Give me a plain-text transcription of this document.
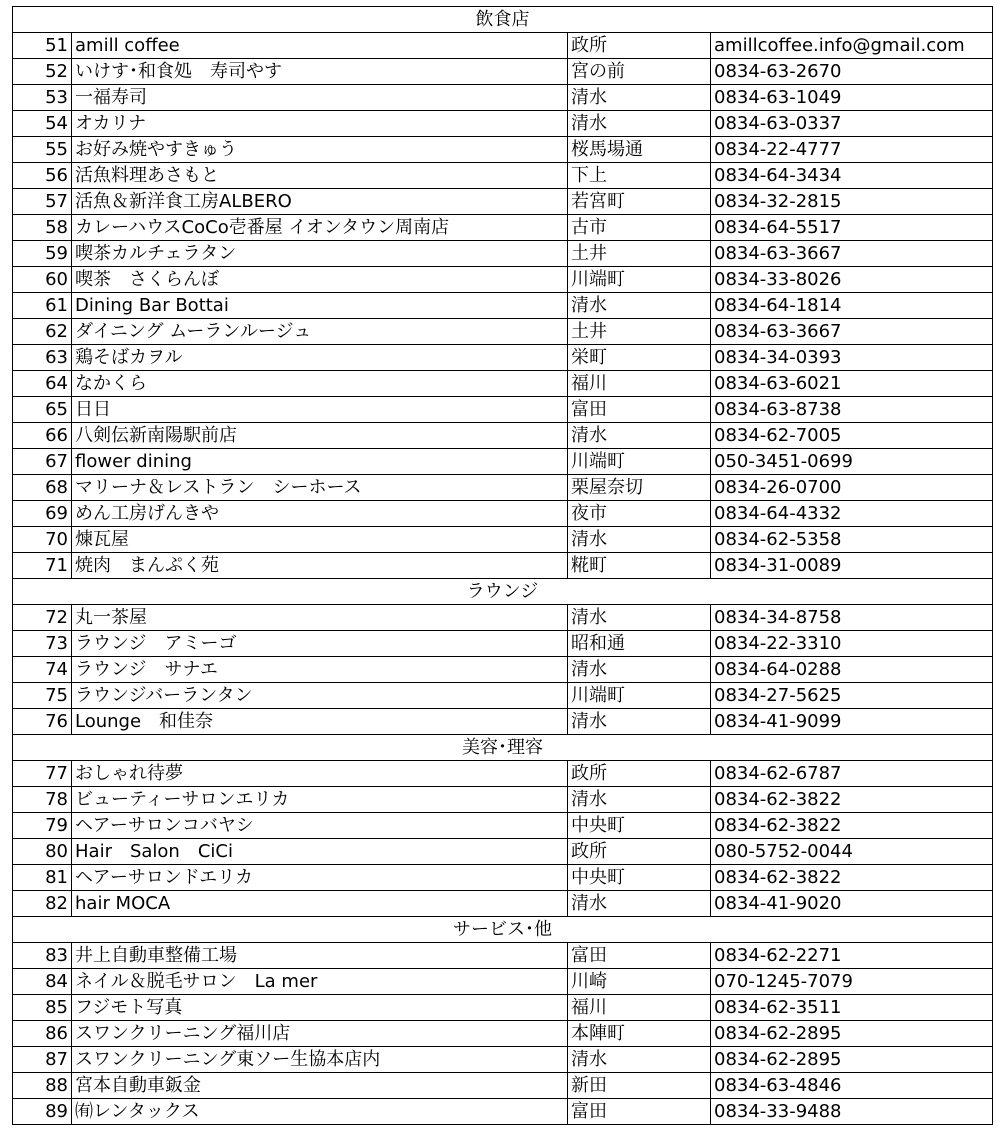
飲食店			
51	amill coffee	政所	amillcoffee.info@gmail.com
52	いけす･和食処　寿司やす	宮の前	0834-63-2670
53	一福寿司	清水	0834-63-1049
54	オカリナ	清水	0834-63-0337
55	お好み焼やすきゅう	桜馬場通	0834-22-4777
56	活魚料理あさもと	下上	0834-64-3434
57	活魚＆新洋食工房ALBERO	若宮町	0834-32-2815
58	カレーハウスCoCo壱番屋 イオンタウン周南店	古市	0834-64-5517
59	喫茶カルチェラタン	土井	0834-63-3667
60	喫茶　さくらんぼ	川端町	0834-33-8026
61	Dining Bar Bottai	清水	0834-64-1814
62	ダイニング ムーランルージュ	土井	0834-63-3667
63	鶏そばカヲル	栄町	0834-34-0393
64	なかくら	福川	0834-63-6021
65	日日	富田	0834-63-8738
66	八剣伝新南陽駅前店	清水	0834-62-7005
67	flower dining	川端町	050-3451-0699
68	マリーナ＆レストラン　シーホース	栗屋奈切	0834-26-0700
69	めん工房げんきや	夜市	0834-64-4332
70	煉瓦屋	清水	0834-62-5358
71	焼肉　まんぷく苑	糀町	0834-31-0089
ラウンジ			
72	丸一茶屋	清水	0834-34-8758
73	ラウンジ　アミーゴ	昭和通	0834-22-3310
74	ラウンジ　サナエ	清水	0834-64-0288
75	ラウンジバーランタン	川端町	0834-27-5625
76	Lounge　和佳奈	清水	0834-41-9099
美容･理容			
77	おしゃれ待夢	政所	0834-62-6787
78	ビューティーサロンエリカ	清水	0834-62-3822
79	ヘアーサロンコバヤシ	中央町	0834-62-3822
80	Hair　Salon　CiCi	政所	080-5752-0044
81	ヘアーサロンドエリカ	中央町	0834-62-3822
82	hair MOCA	清水	0834-41-9020
サービス･他			
83	井上自動車整備工場	富田	0834-62-2271
84	ネイル＆脱毛サロン　La mer	川崎	070-1245-7079
85	フジモト写真	福川	0834-62-3511
86	スワンクリーニング福川店	本陣町	0834-62-2895
87	スワンクリーニング東ソー生協本店内	清水	0834-62-2895
88	宮本自動車鈑金	新田	0834-63-4846
89	㈲レンタックス	富田	0834-33-9488
